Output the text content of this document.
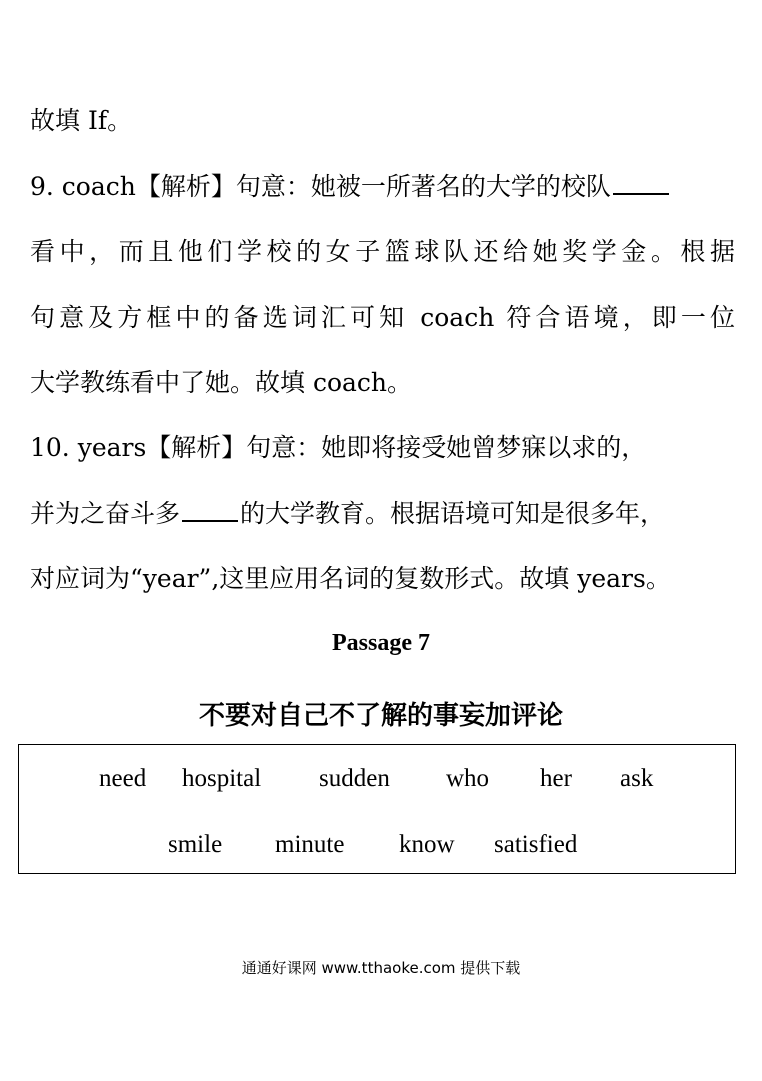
故填 If。
9. coach【解析】句意：她被一所著名的大学的校队
看中，而且他们学校的女子篮球队还给她奖学金。根据
句意及方框中的备选词汇可知 coach 符合语境，即一位
大学教练看中了她。故填 coach。
10. years【解析】句意：她即将接受她曾梦寐以求的，
并为之奋斗多 的大学教育。根据语境可知是很多年，
对应词为“year”,这里应用名词的复数形式。故填 years。
Passage 7
不要对自己不了解的事妄加评论
need hospital sudden who her ask
smile minute know satisfied
通通好课网 www.tthaoke.com 提供下载
